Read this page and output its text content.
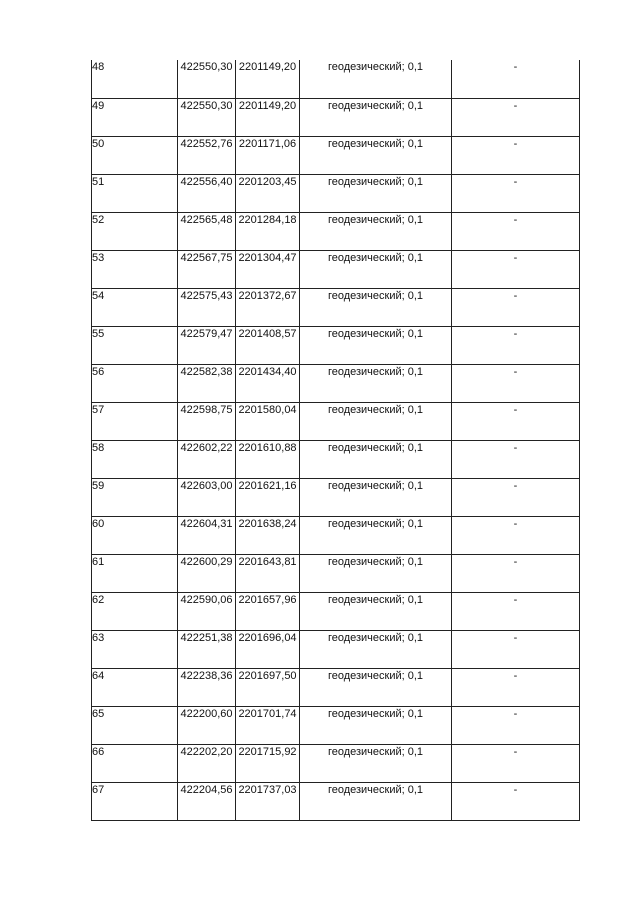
48	422550,30	2201149,20	геодезический; 0,1	-
49	422550,30	2201149,20	геодезический; 0,1	-
50	422552,76	2201171,06	геодезический; 0,1	-
51	422556,40	2201203,45	геодезический; 0,1	-
52	422565,48	2201284,18	геодезический; 0,1	-
53	422567,75	2201304,47	геодезический; 0,1	-
54	422575,43	2201372,67	геодезический; 0,1	-
55	422579,47	2201408,57	геодезический; 0,1	-
56	422582,38	2201434,40	геодезический; 0,1	-
57	422598,75	2201580,04	геодезический; 0,1	-
58	422602,22	2201610,88	геодезический; 0,1	-
59	422603,00	2201621,16	геодезический; 0,1	-
60	422604,31	2201638,24	геодезический; 0,1	-
61	422600,29	2201643,81	геодезический; 0,1	-
62	422590,06	2201657,96	геодезический; 0,1	-
63	422251,38	2201696,04	геодезический; 0,1	-
64	422238,36	2201697,50	геодезический; 0,1	-
65	422200,60	2201701,74	геодезический; 0,1	-
66	422202,20	2201715,92	геодезический; 0,1	-
67	422204,56	2201737,03	геодезический; 0,1	-
